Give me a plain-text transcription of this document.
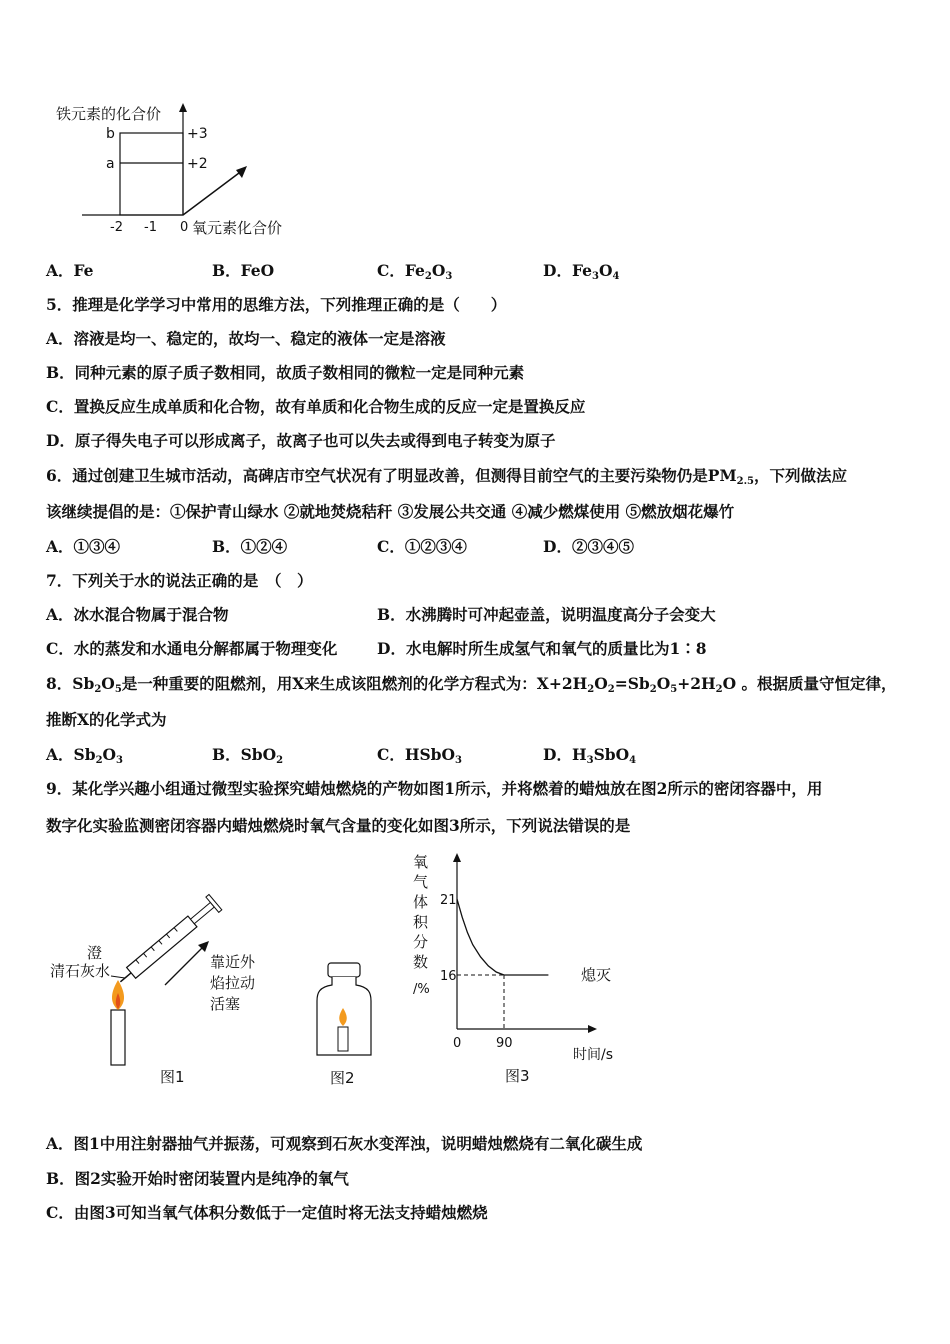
铁元素的化合价
b
a
+3
+2
-2 -1 0 氧元素化合价
A．Fe	B．FeO	C．$Fe_2O_3$	D．$Fe_3O_4$
5．推理是化学学习中常用的思维方法，下列推理正确的是（　　）
A．溶液是均一、稳定的，故均一、稳定的液体一定是溶液
B．同种元素的原子质子数相同，故质子数相同的微粒一定是同种元素
C．置换反应生成单质和化合物，故有单质和化合物生成的反应一定是置换反应
D．原子得失电子可以形成离子，故离子也可以失去或得到电子转变为原子
6．通过创建卫生城市活动，高碑店市空气状况有了明显改善，但测得目前空气的主要污染物仍是$PM_{2.5}$，下列做法应
该继续提倡的是：①保护青山绿水 ②就地焚烧秸秆 ③发展公共交通 ④减少燃煤使用 ⑤燃放烟花爆竹
A．①③④	B．①②④	C．①②③④	D．②③④⑤
7．下列关于水的说法正确的是　（　）
A．冰水混合物属于混合物	B．水沸腾时可冲起壶盖，说明温度高分子会变大
C．水的蒸发和水通电分解都属于物理变化	D．水电解时所生成氢气和氧气的质量比为1∶8
8．$Sb_2O_5$是一种重要的阻燃剂，用X来生成该阻燃剂的化学方程式为：$X+2H_2O_2=Sb_2O_5+2H_2O$ 。根据质量守恒定律，
推断X的化学式为
A．$Sb_2O_3$	B．SbO$_2$	C．HSbO$_3$	D．$H_3SbO_4$
9．某化学兴趣小组通过微型实验探究蜡烛燃烧的产物如图1所示，并将燃着的蜡烛放在图2所示的密闭容器中，用
数字化实验监测密闭容器内蜡烛燃烧时氧气含量的变化如图3所示，下列说法错误的是
澄
清石灰水	靠近外
焰拉动
活塞
图1	图2
氧
气
体
积
分
数
/%
21
16
0	90
熄灭
时间/s
图3
A．图1中用注射器抽气并振荡，可观察到石灰水变浑浊，说明蜡烛燃烧有二氧化碳生成
B．图2实验开始时密闭装置内是纯净的氧气
C．由图3可知当氧气体积分数低于一定值时将无法支持蜡烛燃烧
